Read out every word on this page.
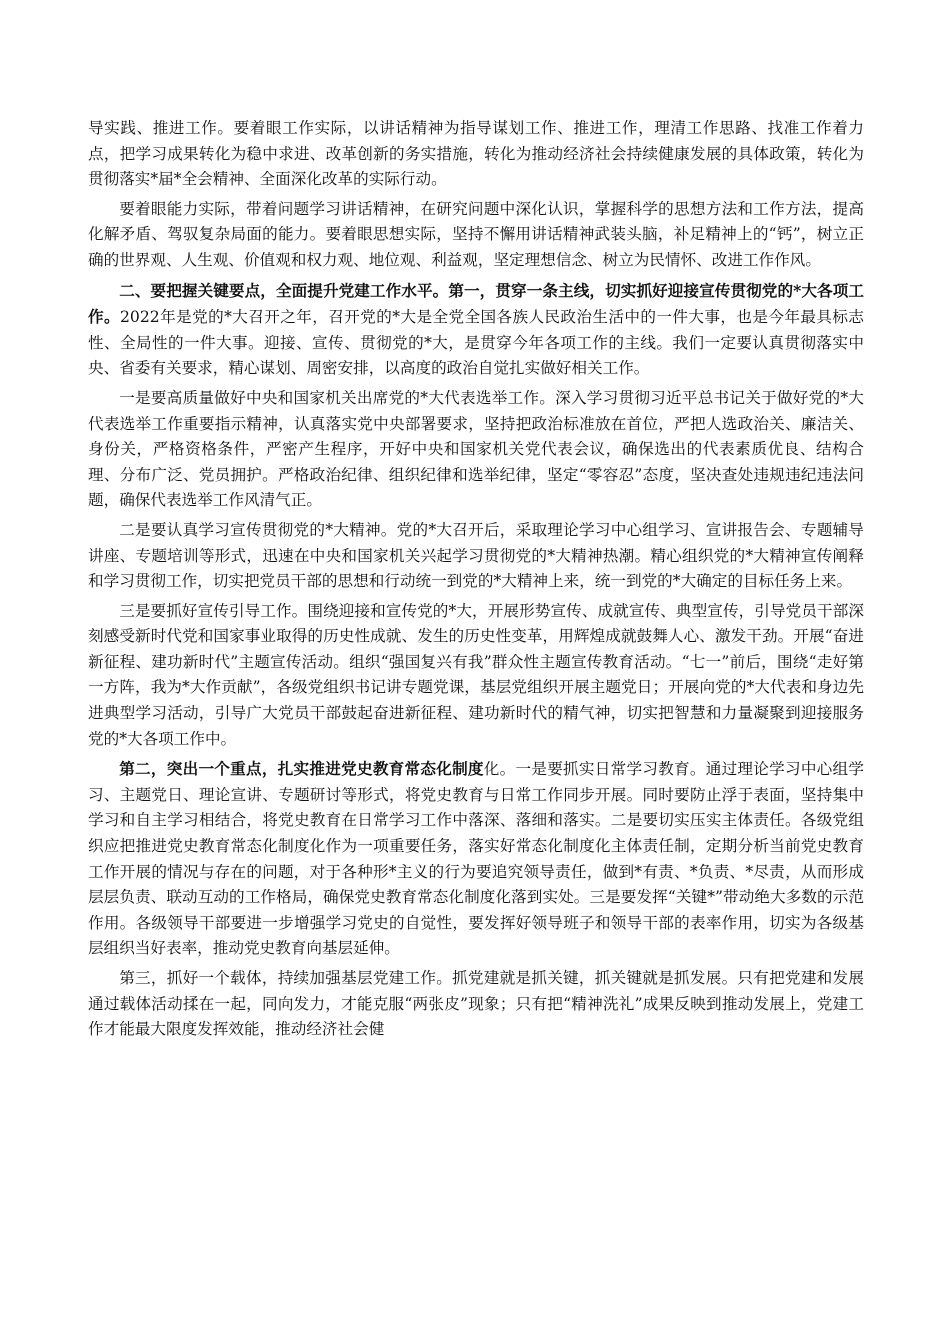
导实践、推进工作。要着眼工作实际，以讲话精神为指导谋划工作、推进工作，理清工作思路、找准工作着力点，把学习成果转化为稳中求进、改革创新的务实措施，转化为推动经济社会持续健康发展的具体政策，转化为贯彻落实*届*全会精神、全面深化改革的实际行动。

要着眼能力实际，带着问题学习讲话精神，在研究问题中深化认识，掌握科学的思想方法和工作方法，提高化解矛盾、驾驭复杂局面的能力。要着眼思想实际，坚持不懈用讲话精神武装头脑，补足精神上的“钙”，树立正确的世界观、人生观、价值观和权力观、地位观、利益观，坚定理想信念、树立为民情怀、改进工作作风。

二、要把握关键要点，全面提升党建工作水平。第一，贯穿一条主线，切实抓好迎接宣传贯彻党的*大各项工作。2022年是党的*大召开之年，召开党的*大是全党全国各族人民政治生活中的一件大事，也是今年最具标志性、全局性的一件大事。迎接、宣传、贯彻党的*大，是贯穿今年各项工作的主线。我们一定要认真贯彻落实中央、省委有关要求，精心谋划、周密安排，以高度的政治自觉扎实做好相关工作。

一是要高质量做好中央和国家机关出席党的*大代表选举工作。深入学习贯彻习近平总书记关于做好党的*大代表选举工作重要指示精神，认真落实党中央部署要求，坚持把政治标准放在首位，严把人选政治关、廉洁关、身份关，严格资格条件，严密产生程序，开好中央和国家机关党代表会议，确保选出的代表素质优良、结构合理、分布广泛、党员拥护。严格政治纪律、组织纪律和选举纪律，坚定“零容忍”态度，坚决查处违规违纪违法问题，确保代表选举工作风清气正。

二是要认真学习宣传贯彻党的*大精神。党的*大召开后，采取理论学习中心组学习、宣讲报告会、专题辅导讲座、专题培训等形式，迅速在中央和国家机关兴起学习贯彻党的*大精神热潮。精心组织党的*大精神宣传阐释和学习贯彻工作，切实把党员干部的思想和行动统一到党的*大精神上来，统一到党的*大确定的目标任务上来。

三是要抓好宣传引导工作。围绕迎接和宣传党的*大，开展形势宣传、成就宣传、典型宣传，引导党员干部深刻感受新时代党和国家事业取得的历史性成就、发生的历史性变革，用辉煌成就鼓舞人心、激发干劲。开展“奋进新征程、建功新时代”主题宣传活动。组织“强国复兴有我”群众性主题宣传教育活动。“七一”前后，围绕“走好第一方阵，我为*大作贡献”，各级党组织书记讲专题党课，基层党组织开展主题党日；开展向党的*大代表和身边先进典型学习活动，引导广大党员干部鼓起奋进新征程、建功新时代的精气神，切实把智慧和力量凝聚到迎接服务党的*大各项工作中。

第二，突出一个重点，扎实推进党史教育常态化制度化。一是要抓实日常学习教育。通过理论学习中心组学习、主题党日、理论宣讲、专题研讨等形式，将党史教育与日常工作同步开展。同时要防止浮于表面，坚持集中学习和自主学习相结合，将党史教育在日常学习工作中落深、落细和落实。二是要切实压实主体责任。各级党组织应把推进党史教育常态化制度化作为一项重要任务，落实好常态化制度化主体责任制，定期分析当前党史教育工作开展的情况与存在的问题，对于各种形*主义的行为要追究领导责任，做到*有责、*负责、*尽责，从而形成层层负责、联动互动的工作格局，确保党史教育常态化制度化落到实处。三是要发挥“关键*”带动绝大多数的示范作用。各级领导干部要进一步增强学习党史的自觉性，要发挥好领导班子和领导干部的表率作用，切实为各级基层组织当好表率，推动党史教育向基层延伸。

第三，抓好一个载体，持续加强基层党建工作。抓党建就是抓关键，抓关键就是抓发展。只有把党建和发展通过载体活动揉在一起，同向发力，才能克服“两张皮”现象；只有把“精神洗礼”成果反映到推动发展上，党建工作才能最大限度发挥效能，推动经济社会健
